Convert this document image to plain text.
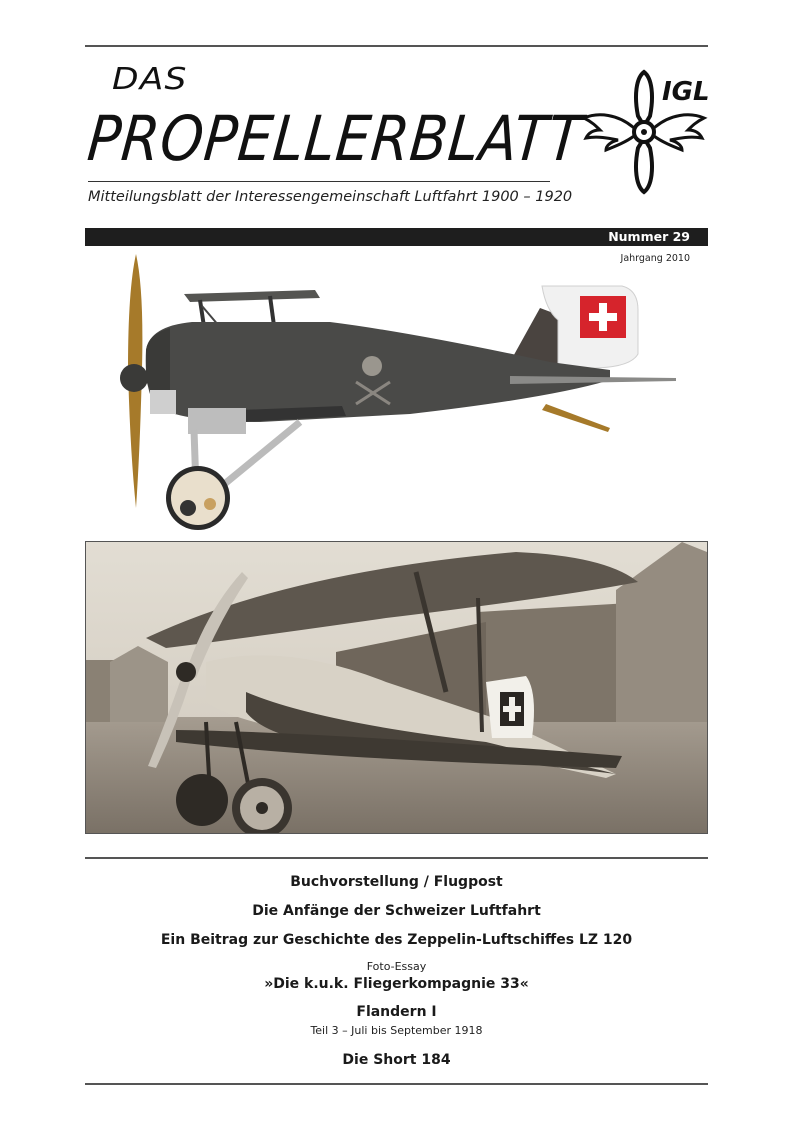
DAS
PROPELLERBLATT
Mitteilungsblatt der Interessengemeinschaft Luftfahrt 1900 – 1920
IGL
Nummer 29
Jahrgang 2010
Buchvorstellung / Flugpost
Die Anfänge der Schweizer Luftfahrt
Ein Beitrag zur Geschichte des Zeppelin-Luftschiffes LZ 120
Foto-Essay
»Die k.u.k. Fliegerkompagnie 33«
Flandern I
Teil 3 – Juli bis September 1918
Die Short 184
